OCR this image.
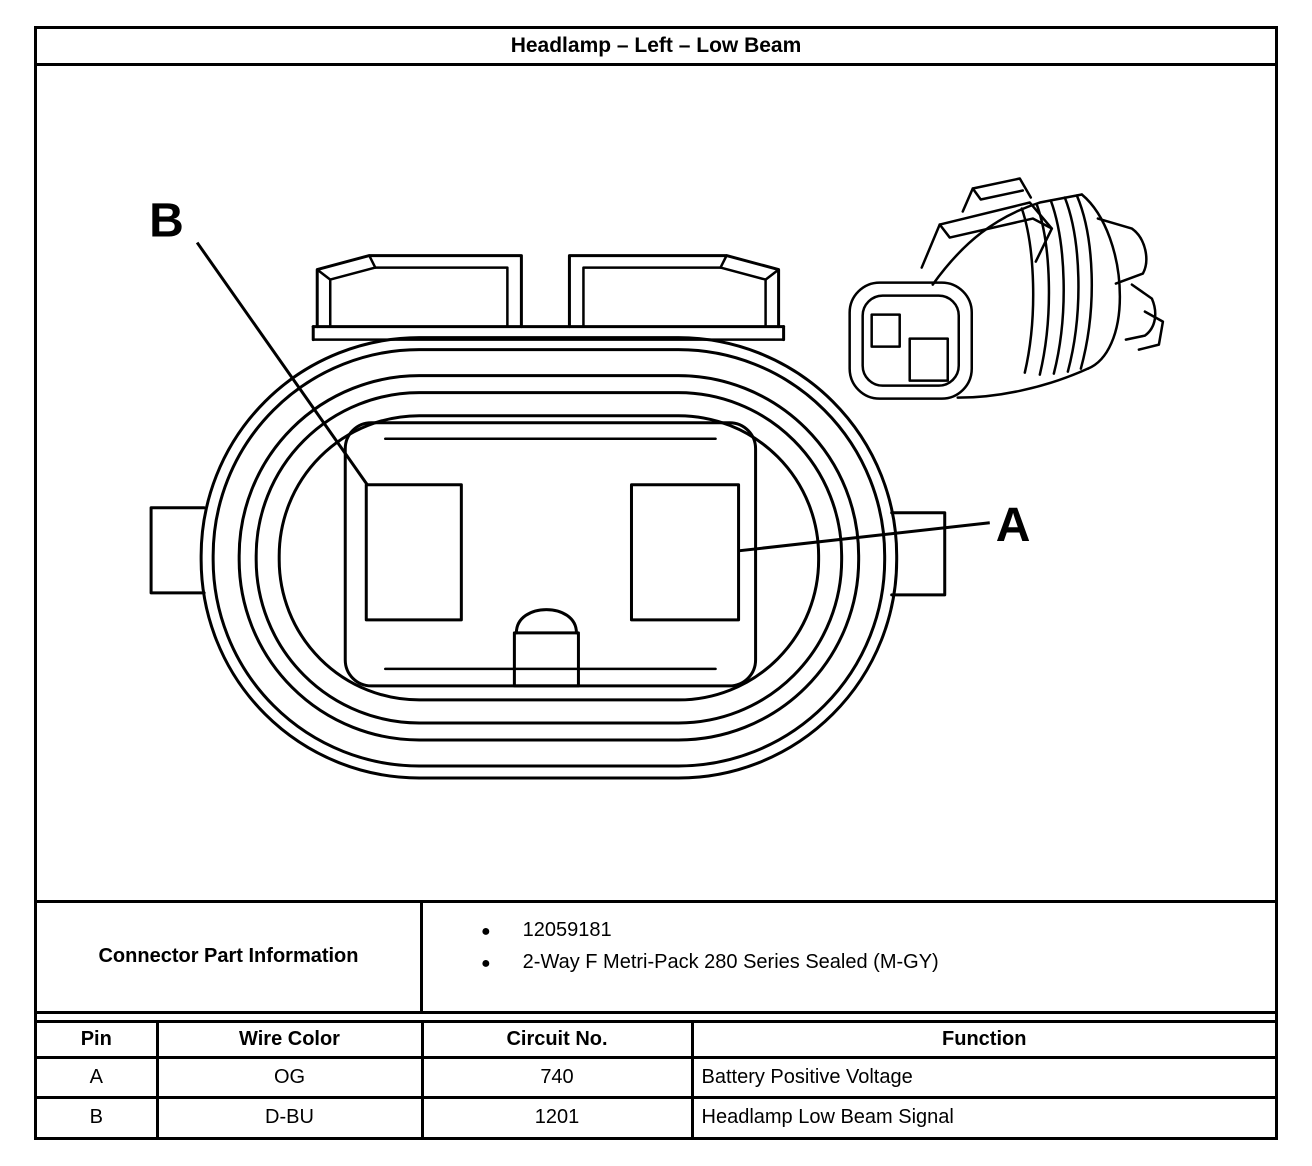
Headlamp – Left – Low Beam
B
A
Connector Part Information
● 12059181
● 2-Way F Metri-Pack 280 Series Sealed (M-GY)
Pin	Wire Color	Circuit No.	Function
A	OG	740	Battery Positive Voltage
B	D-BU	1201	Headlamp Low Beam Signal
